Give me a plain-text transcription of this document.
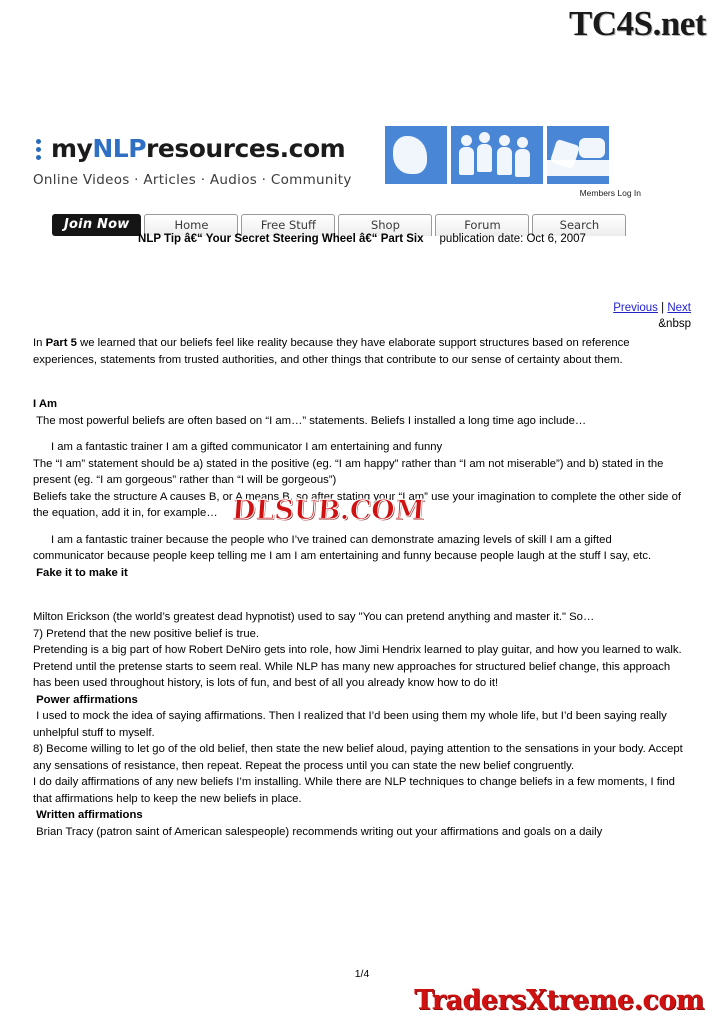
TC4S.net
myNLPresources.com
Online Videos · Articles · Audios · Community
Members Log In
Join Now	Home	Free Stuff	Shop	Forum	Search
NLP Tip â€“ Your Secret Steering Wheel â€“ Part Six publication date: Oct 6, 2007
Previous | Next
&nbsp

In Part 5 we learned that our beliefs feel like reality because they have elaborate support structures based on reference experiences, statements from trusted authorities, and other things that contribute to our sense of certainty about them.

I Am

The most powerful beliefs are often based on “I am…” statements. Beliefs I installed a long time ago include…

I am a fantastic trainer I am a gifted communicator I am entertaining and funny

The “I am” statement should be a) stated in the positive (eg. “I am happy” rather than “I am not miserable”) and b) stated in the present (eg. “I am gorgeous” rather than “I will be gorgeous”)

Beliefs take the structure A causes B, or A means B, so after stating your “I am” use your imagination to complete the other side of the equation, add it in, for example…

I am a fantastic trainer because the people who I’ve trained can demonstrate amazing levels of skill I am a gifted communicator because people keep telling me I am I am entertaining and funny because people laugh at the stuff I say, etc.

Fake it to make it

Milton Erickson (the world’s greatest dead hypnotist) used to say "You can pretend anything and master it." So…

7) Pretend that the new positive belief is true.

Pretending is a big part of how Robert DeNiro gets into role, how Jimi Hendrix learned to play guitar, and how you learned to walk. Pretend until the pretense starts to seem real. While NLP has many new approaches for structured belief change, this approach has been used throughout history, is lots of fun, and best of all you already know how to do it!

Power affirmations

I used to mock the idea of saying affirmations. Then I realized that I’d been using them my whole life, but I’d been saying really unhelpful stuff to myself.

8) Become willing to let go of the old belief, then state the new belief aloud, paying attention to the sensations in your body. Accept any sensations of resistance, then repeat. Repeat the process until you can state the new belief congruently.

I do daily affirmations of any new beliefs I’m installing. While there are NLP techniques to change beliefs in a few moments, I find that affirmations help to keep the new beliefs in place.

Written affirmations

Brian Tracy (patron saint of American salespeople) recommends writing out your affirmations and goals on a daily

DLSUB.COM
1/4
TradersXtreme.com
